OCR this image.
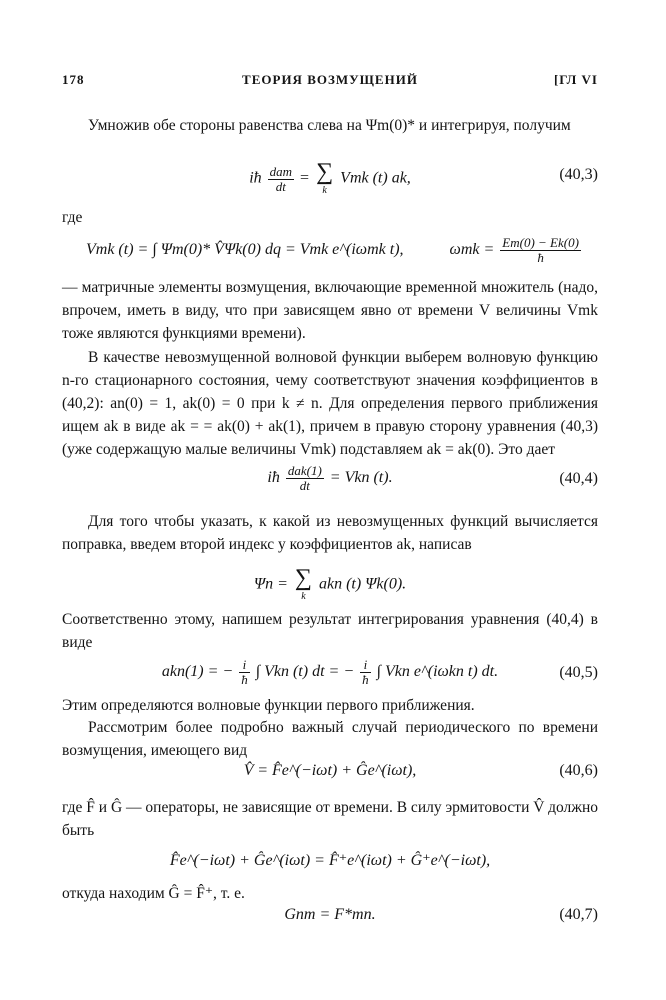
178	ТЕОРИЯ ВОЗМУЩЕНИЙ	[ГЛ VI

Умножив обе стороны равенства слева на Ψm(0)* и интегрируя, получим

iħ $\frac{\text{dam}}{dt}$ = ∑
k
Vmk (t) ak,	(40,3)

где

Vmk (t) = ∫ Ψm(0)* V̂Ψk(0) dq = Vmk e^(iωmk t),	$\omega mk = \frac{Em(0) - Ek(0)}{ħ}$

— матричные элементы возмущения, включающие временной множитель (надо, впрочем, иметь в виду, что при зависящем явно от времени V величины Vmk тоже являются функциями времени).

В качестве невозмущенной волновой функции выберем волновую функцию n-го стационарного состояния, чему соответствуют значения коэффициентов в (40,2): an(0) = 1, ak(0) = 0 при k ≠ n. Для определения первого приближения ищем ak в виде ak = = ak(0) + ak(1), причем в правую сторону уравнения (40,3) (уже содержащую малые величины Vmk) подставляем ak = ak(0). Это дает

iħ $\frac{\text{dak(1)}}{dt}$ = Vkn (t).	(40,4)

Для того чтобы указать, к какой из невозмущенных функций вычисляется поправка, введем второй индекс у коэффициентов ak, написав

Ψn = ∑
k
akn (t) Ψk(0).

Соответственно этому, напишем результат интегрирования уравнения (40,4) в виде

akn(1) = − $\frac{i}{ħ}$ ∫ Vkn (t) dt = − $\frac{i}{ħ}$ ∫ Vkn e^(iωkn t) dt.	(40,5)

Этим определяются волновые функции первого приближения.

Рассмотрим более подробно важный случай периодического по времени возмущения, имеющего вид

V̂ = F̂e^(−iωt) + Ĝe^(iωt),	(40,6)

где F̂ и Ĝ — операторы, не зависящие от времени. В силу эрмитовости V̂ должно быть

F̂e^(−iωt) + Ĝe^(iωt) = F̂⁺e^(iωt) + Ĝ⁺e^(−iωt),

откуда находим Ĝ = F̂⁺, т. е.

Gnm = F*mn.	(40,7)
